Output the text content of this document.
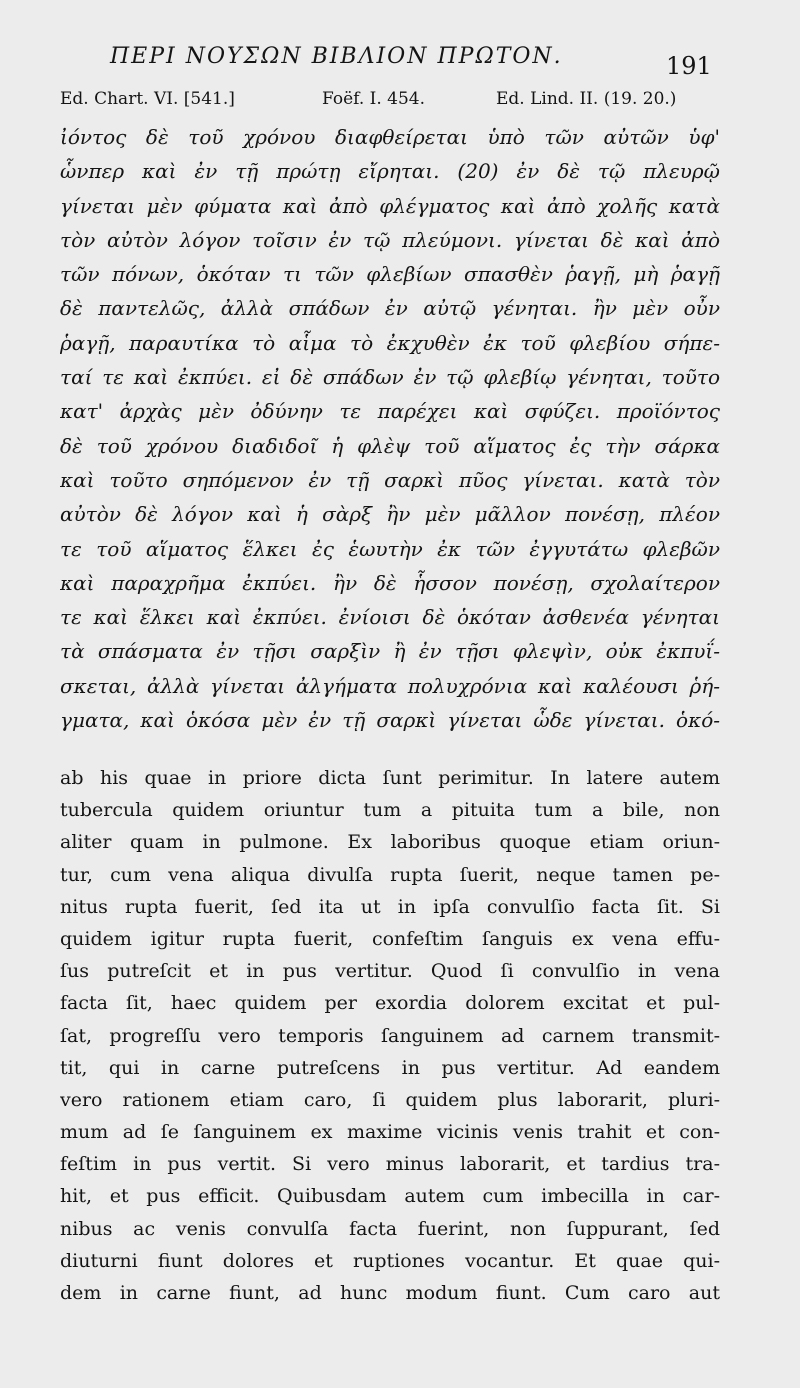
ΠΕΡΙ ΝΟΥΣΩΝ ΒΙΒΛΙΟΝ ΠΡΩΤΟΝ.	191
Ed. Chart. VI. [541.]	Foëf. I. 454.	Ed. Lind. II. (19. 20.)
ἰόντος δὲ τοῦ χρόνου διαφθείρεται ὑπὸ τῶν αὐτῶν ὑφ'
ὧνπερ καὶ ἐν τῇ πρώτῃ εἴρηται. (20) ἐν δὲ τῷ πλευρῷ
γίνεται μὲν φύματα καὶ ἀπὸ φλέγματος καὶ ἀπὸ χολῆς κατὰ
τὸν αὐτὸν λόγον τοῖσιν ἐν τῷ πλεύμονι. γίνεται δὲ καὶ ἀπὸ
τῶν πόνων, ὁκόταν τι τῶν φλεβίων σπασθὲν ῥαγῇ, μὴ ῥαγῇ
δὲ παντελῶς, ἀλλὰ σπάδων ἐν αὐτῷ γένηται. ἢν μὲν οὖν
ῥαγῇ, παραυτίκα τὸ αἷμα τὸ ἐκχυθὲν ἐκ τοῦ φλεβίου σήπε-
ταί τε καὶ ἐκπύει. εἰ δὲ σπάδων ἐν τῷ φλεβίῳ γένηται, τοῦτο
κατ' ἀρχὰς μὲν ὀδύνην τε παρέχει καὶ σφύζει. προϊόντος
δὲ τοῦ χρόνου διαδιδοῖ ἡ φλὲψ τοῦ αἵματος ἐς τὴν σάρκα
καὶ τοῦτο σηπόμενον ἐν τῇ σαρκὶ πῦος γίνεται. κατὰ τὸν
αὐτὸν δὲ λόγον καὶ ἡ σὰρξ ἢν μὲν μᾶλλον πονέσῃ, πλέον
τε τοῦ αἵματος ἕλκει ἐς ἑωυτὴν ἐκ τῶν ἐγγυτάτω φλεβῶν
καὶ παραχρῆμα ἐκπύει. ἢν δὲ ἧσσον πονέσῃ, σχολαίτερον
τε καὶ ἕλκει καὶ ἐκπύει. ἐνίοισι δὲ ὁκόταν ἀσθενέα γένηται
τὰ σπάσματα ἐν τῇσι σαρξὶν ἢ ἐν τῇσι φλεψὶν, οὐκ ἐκπυΐ-
σκεται, ἀλλὰ γίνεται ἀλγήματα πολυχρόνια καὶ καλέουσι ῥή-
γματα, καὶ ὁκόσα μὲν ἐν τῇ σαρκὶ γίνεται ὧδε γίνεται. ὁκό-
ab his quae in priore dicta ſunt perimitur. In latere autem
tubercula quidem oriuntur tum a pituita tum a bile, non
aliter quam in pulmone. Ex laboribus quoque etiam oriun-
tur, cum vena aliqua divulſa rupta ſuerit, neque tamen pe-
nitus rupta fuerit, ſed ita ut in ipſa convulſio facta ſit. Si
quidem igitur rupta fuerit, confeſtim ſanguis ex vena effu-
ſus putreſcit et in pus vertitur. Quod ſi convulſio in vena
facta ſit, haec quidem per exordia dolorem excitat et pul-
ſat, progreſſu vero temporis ſanguinem ad carnem transmit-
tit, qui in carne putreſcens in pus vertitur. Ad eandem
vero rationem etiam caro, ſi quidem plus laborarit, pluri-
mum ad ſe ſanguinem ex maxime vicinis venis trahit et con-
feſtim in pus vertit. Si vero minus laborarit, et tardius tra-
hit, et pus efficit. Quibusdam autem cum imbecilla in car-
nibus ac venis convulſa facta fuerint, non ſuppurant, ſed
diuturni fiunt dolores et ruptiones vocantur. Et quae qui-
dem in carne fiunt, ad hunc modum fiunt. Cum caro aut
